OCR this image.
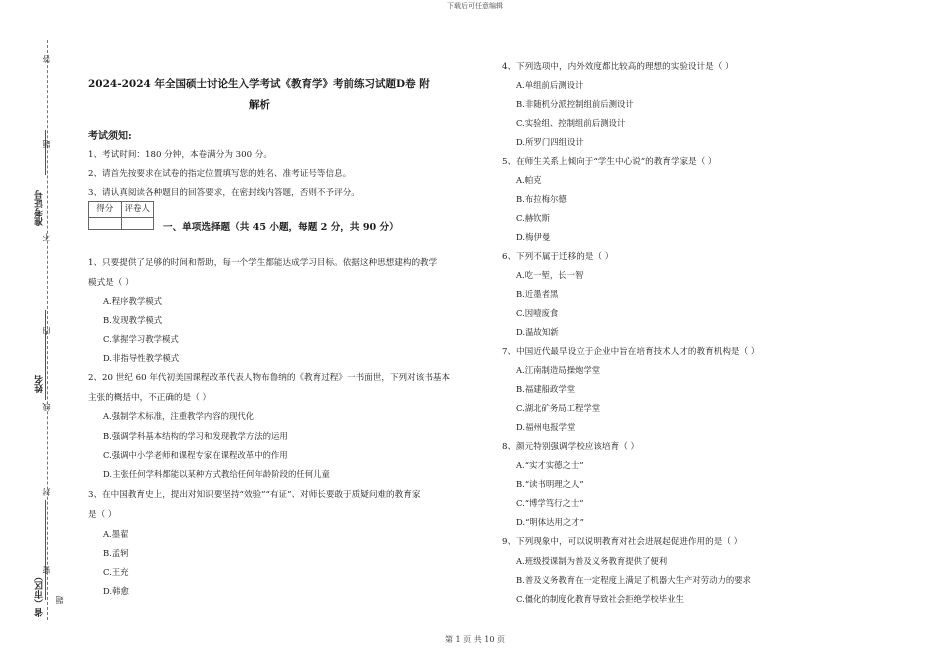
下载后可任意编辑
答
题
准考证号
不
内
姓名
线
封
密
省（市区） 题
2024-2024 年全国硕士讨论生入学考试《教育学》考前练习试题D卷 附
解析
考试须知:
1、考试时间：180 分钟，本卷满分为 300 分。
2、请首先按要求在试卷的指定位置填写您的姓名、准考证号等信息。
3、请认真阅读各种题目的回答要求，在密封线内答题，否则不予评分。
得分	评卷人
一、单项选择题（共 45 小题，每题 2 分，共 90 分）
1、只要提供了足够的时间和帮助，每一个学生都能达成学习目标。依据这种思想建构的教学
模式是（ ）
A.程序教学模式
B.发现教学模式
C.掌握学习教学模式
D.非指导性教学模式
2、20 世纪 60 年代初美国课程改革代表人物布鲁纳的《教育过程》一书面世，下列对该书基本
主张的概括中，不正确的是（ ）
A.强制学术标准，注重教学内容的现代化
B.强调学科基本结构的学习和发现教学方法的运用
C.强调中小学老师和课程专家在课程改革中的作用
D.主张任何学科都能以某种方式教给任何年龄阶段的任何儿童
3、在中国教育史上，提出对知识要坚持“效验”“有证”、对师长要敢于质疑问难的教育家
是（ ）
A.墨翟
B.孟轲
C.王充
D.韩愈
4、下列选项中，内外效度都比较高的理想的实验设计是（ ）
A.单组前后测设计
B.非随机分派控制组前后测设计
C.实验组、控制组前后测设计
D.所罗门四组设计
5、在师生关系上倾向于“学生中心说”的教育学家是（ ）
A.帕克
B.布拉梅尔德
C.赫钦斯
D.梅伊曼
6、下列不属于迁移的是（ ）
A.吃一堑，长一智
B.近墨者黑
C.因噎废食
D.温故知新
7、中国近代最早设立于企业中旨在培育技术人才的教育机构是（ ）
A.江南制造局操炮学堂
B.福建船政学堂
C.湖北矿务局工程学堂
D.福州电报学堂
8、颜元特别强调学校应该培育（ ）
A.“实才实德之士”
B.“读书明理之人”
C.“博学笃行之士”
D.“明体达用之才”
9、下列现象中，可以说明教育对社会进展起促进作用的是（ ）
A.班级授课制为普及义务教育提供了便利
B.普及义务教育在一定程度上满足了机器大生产对劳动力的要求
C.僵化的制度化教育导致社会拒绝学校毕业生
第 1 页 共 10 页
